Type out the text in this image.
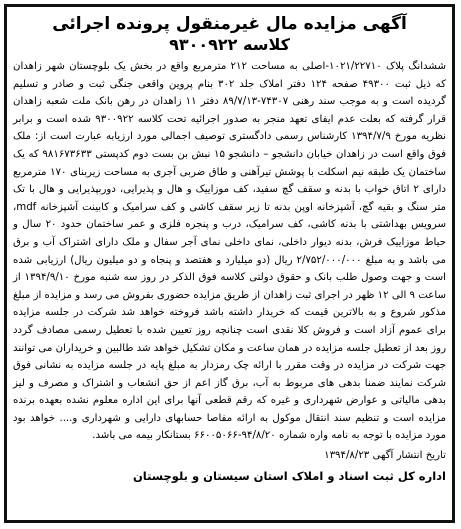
آگهی مزایده مال غیرمنقول پرونده اجرائی
کلاسه ۹۳۰۰۹۲۲

ششدانگ پلاک ۱۰۲۱/۲۲۷۱۰-اصلی به مساحت ۲۱۲ مترمربع واقع در بخش یک بلوچستان شهر زاهدان که ذیل ثبت ۴۹۳۰۰ صفحه ۱۲۴ دفتر املاک جلد ۳۰۲ بنام پروین واقعی جنگی ثبت و صادر و تسلیم گردیده است و به موجب سند رهنی ۷۴۳۰۷-۸۹/۷/۱۳ دفتر ۱۱ زاهدان در رهن بانک ملت شعبه زاهدان قرار گرفته که بعلت عدم ایفای تعهد منجر به صدور اجرائیه تحت کلاسه ۹۳۰۰۹۲۲ شده است و برابر نظریه مورخ ۱۳۹۴/۷/۹ کارشناس رسمی دادگستری توصیف اجمالی مورد ارزیابه عبارت است از: ملک فوق واقع است در زاهدان خیابان دانشجو – دانشجو ۱۵ نبش بن بست دوم کدپستی ۹۸۱۶۷۳۶۳۳ که یک ساختمان یک طبقه نیم اسکلت با پوشش تیرآهنی و طاق ضربی آجری به مساحت زیربنای ۱۷۰ مترمربع دارای ۲ اتاق خواب با بدنه و سقف گچ سفید، کف موزاییک و هال و پذیرایی، دوربپذیرایی و هال با تک متر سنگ و بقیه گچ، آشپزخانه اوپن بدنه تا زیر سقف کاشی و کف سرامیک و کابینت آشپزخانه mdf، سرویس بهداشتی با بدنه کاشی، کف سرامیک، درب و پنجره فلزی و عمر ساختمان حدود ۲۰ سال و حیاط موزاییک فرش، بدنه دیوار داخلی، نمای داخلی نمای آجر سفال و ملک دارای اشتراک آب و برق می باشد و به مبلغ ۲/۷۵۲/۰۰۰/۰۰۰ ریال (دو میلیارد و هفتصد و پنجاه و دو میلیون ریال) ارزیابی شده است و جهت وصول طلب بانک و حقوق دولتی کلاسه فوق الذکر در روز سه شنبه مورخ ۱۳۹۴/۹/۱۰ از ساعت ۹ الی ۱۲ ظهر در اجرای ثبت زاهدان از طریق مزایده حضوری بفروش می رسد و مزایده از مبلغ مذکور شروع و به بالاترین قیمت که خریدار داشته باشد فروخته خواهد شد شرکت در جلسه مزایده برای عموم آزاد است و فروش کلا نقدی است چنانچه روز تعیین شده با تعطیل رسمی مصادف گردد روز بعد از تعطیل جلسه مزایده در همان ساعت و مکان تشکیل خواهد شد طالبین و خریداران می توانند جهت شرکت در مزایده در وقت مقرر با ارائه چک رمزدار به مبلغ پایه در جلسه مزایده به نشانی فوق شرکت نمایند ضمنا بدهی های مربوط به آب، برق گاز اعم از حق انشعاب و اشتراک و مصرف و لیز بدهی مالیاتی و عوارض شهرداری و غیره که رقم قطعی آنها برای این اداره معلوم نشده بعهده برنده مزایده است و تنظیم سند انتقال موکول به ارائه مفاصا حسابهای دارایی و شهرداری و.... خواهد بود مورد مزایده با توجه به نامه واره شماره ۹۴/۸/۲۰-۶۶۰۰۵۰۶۶ بستانکار بیمه می باشد.

تاریخ انتشار آگهی ۱۳۹۴/۸/۲۳

اداره کل ثبت اسناد و املاک استان سیستان و بلوچستان
